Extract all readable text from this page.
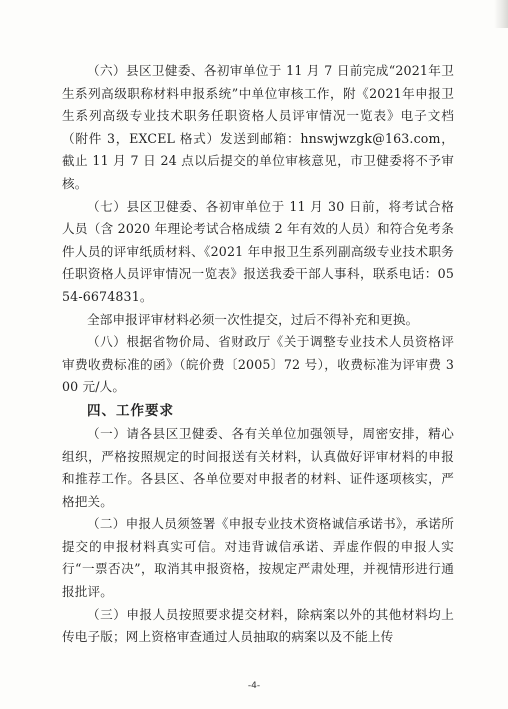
（六）县区卫健委、各初审单位于 11 月 7 日前完成“2021年卫生系列高级职称材料申报系统”中单位审核工作，附《2021年申报卫生系列高级专业技术职务任职资格人员评审情况一览表》电子文档（附件 3，EXCEL 格式）发送到邮箱：hnswjwzgk@163.com，截止 11 月 7 日 24 点以后提交的单位审核意见，市卫健委将不予审核。

（七）县区卫健委、各初审单位于 11 月 30 日前，将考试合格人员（含 2020 年理论考试合格成绩 2 年有效的人员）和符合免考条件人员的评审纸质材料、《2021 年申报卫生系列副高级专业技术职务任职资格人员评审情况一览表》报送我委干部人事科，联系电话：0554-6674831。

全部申报评审材料必须一次性提交，过后不得补充和更换。

（八）根据省物价局、省财政厅《关于调整专业技术人员资格评审费收费标准的函》（皖价费〔2005〕72 号），收费标准为评审费 300 元/人。

四、工作要求

（一）请各县区卫健委、各有关单位加强领导，周密安排，精心组织，严格按照规定的时间报送有关材料，认真做好评审材料的申报和推荐工作。各县区、各单位要对申报者的材料、证件逐项核实，严格把关。

（二）申报人员须签署《申报专业技术资格诚信承诺书》，承诺所提交的申报材料真实可信。对违背诚信承诺、弄虚作假的申报人实行“一票否决”，取消其申报资格，按规定严肃处理，并视情形进行通报批评。

（三）申报人员按照要求提交材料，除病案以外的其他材料均上传电子版；网上资格审查通过人员抽取的病案以及不能上传

-4-
